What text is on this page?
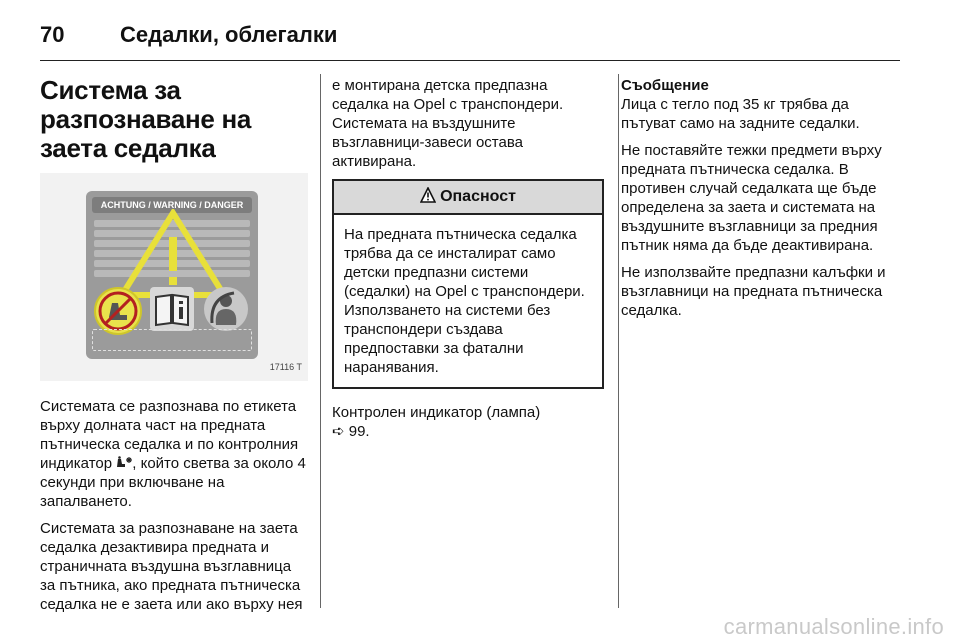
70	Седалки, облегалки
Система за разпознаване на заета седалка
ACHTUNG / WARNING / DANGER
17116 T

Системата се разпознава по етикета върху долната част на предната пътническа седалка и по контролния индикатор , който светва за около 4 секунди при включване на запалването.

Системата за разпознаване на заета седалка дезактивира предната и страничната въздушна възглавница за пътника, ако предната пътническа седалка не е заета или ако върху нея

е монтирана детска предпазна седалка на Opel с транспондери. Системата на въздушните възглавници-завеси остава активирана.

Опасност
На предната пътническа седалка трябва да се инсталират само детски предпазни системи (седалки) на Opel с транспондери. Използването на системи без транспондери създава предпоставки за фатални наранявания.

Контролен индикатор (лампа)
➪ 99.

Съобщение

Лица с тегло под 35 кг трябва да пътуват само на задните седалки.

Не поставяйте тежки предмети върху предната пътническа седалка. В противен случай седалката ще бъде определена за заета и системата на въздушните възглавници за предния пътник няма да бъде деактивирана.

Не използвайте предпазни калъфки и възглавници на предната пътническа седалка.

carmanualsonline.info
